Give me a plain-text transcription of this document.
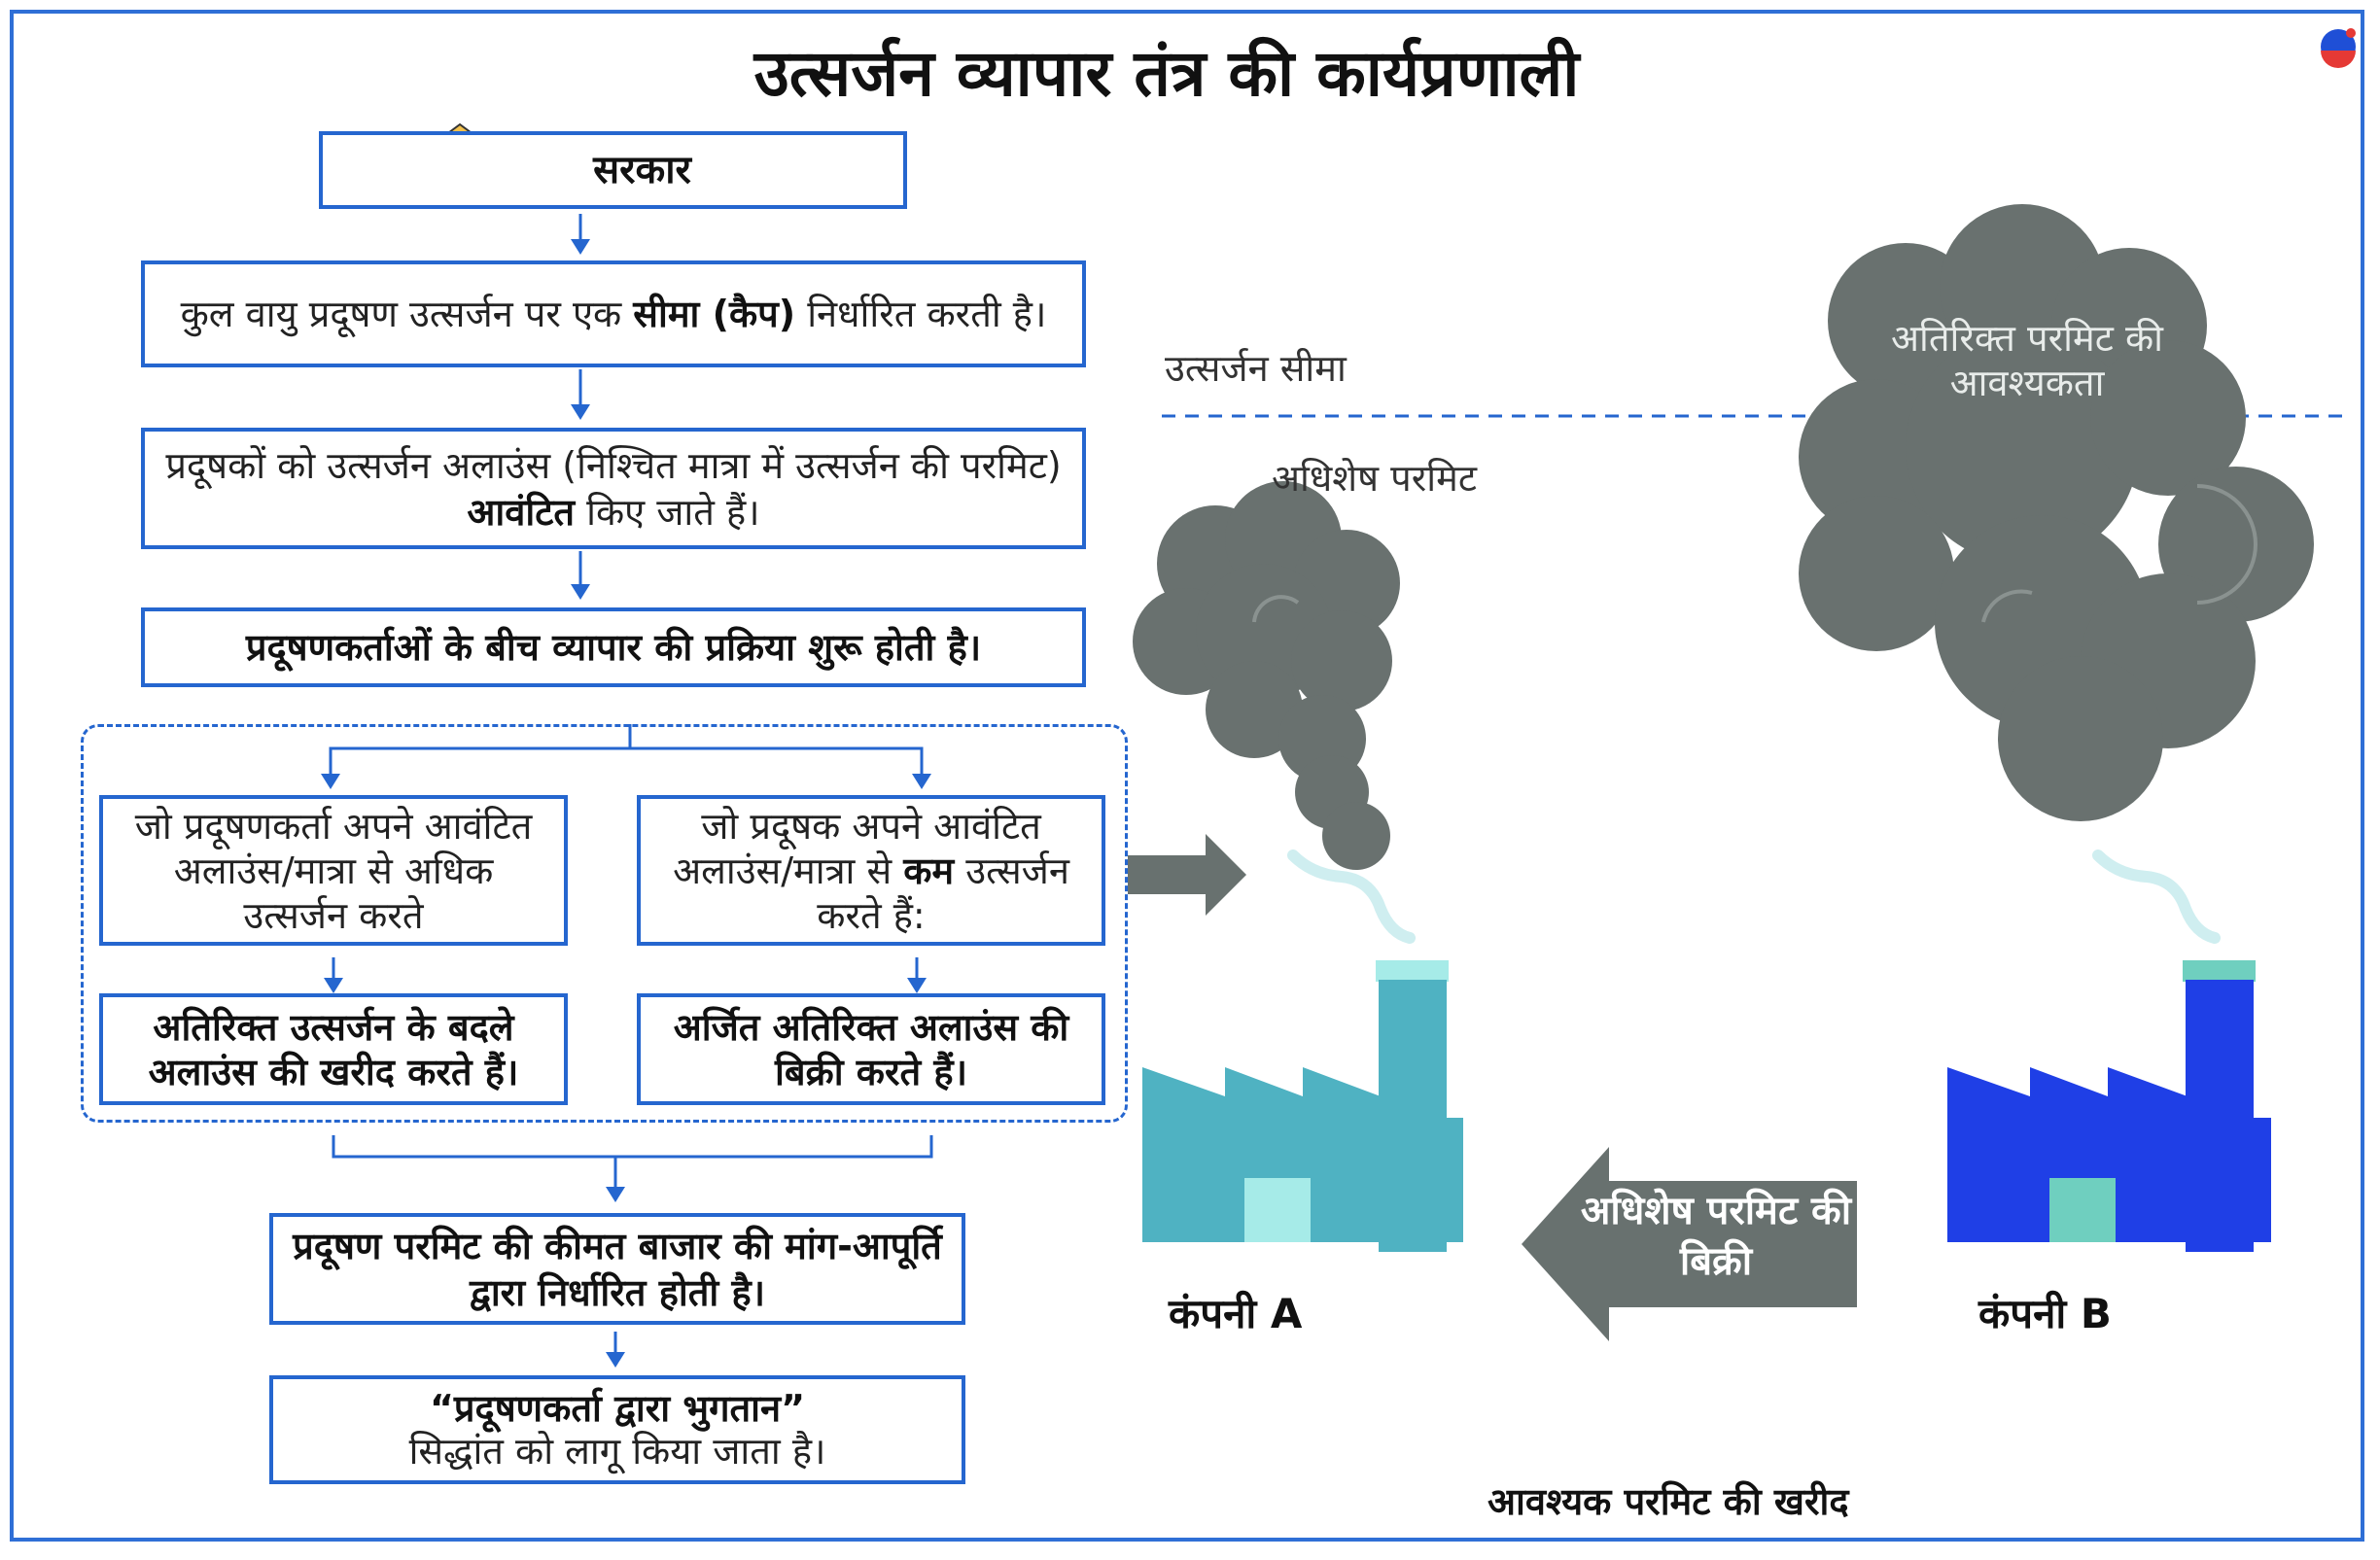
उत्सर्जन व्यापार तंत्र की कार्यप्रणाली
सरकार
कुल वायु प्रदूषण उत्सर्जन पर एक सीमा (कैप) निर्धारित करती है।
प्रदूषकों को उत्सर्जन अलाउंस (निश्चित मात्रा में उत्सर्जन की परमिट) आवंटित किए जाते हैं।
प्रदूषणकर्ताओं के बीच व्यापार की प्रक्रिया शुरू होती है।
जो प्रदूषणकर्ता अपने आवंटित अलाउंस/मात्रा से अधिक उत्सर्जन करते
जो प्रदूषक अपने आवंटित अलाउंस/मात्रा से कम उत्सर्जन करते हैं:
अतिरिक्त उत्सर्जन के बदले अलाउंस की खरीद करते हैं।
अर्जित अतिरिक्त अलाउंस की बिक्री करते हैं।
प्रदूषण परमिट की कीमत बाजार की मांग-आपूर्ति द्वारा निर्धारित होती है।
“प्रदूषणकर्ता द्वारा भुगतान”
सिद्धांत को लागू किया जाता है।
उत्सर्जन सीमा
अधिशेष परमिट
अतिरिक्त परमिट की आवश्यकता
अधिशेष परमिट की बिक्री
कंपनी A	कंपनी B
आवश्यक परमिट की खरीद
